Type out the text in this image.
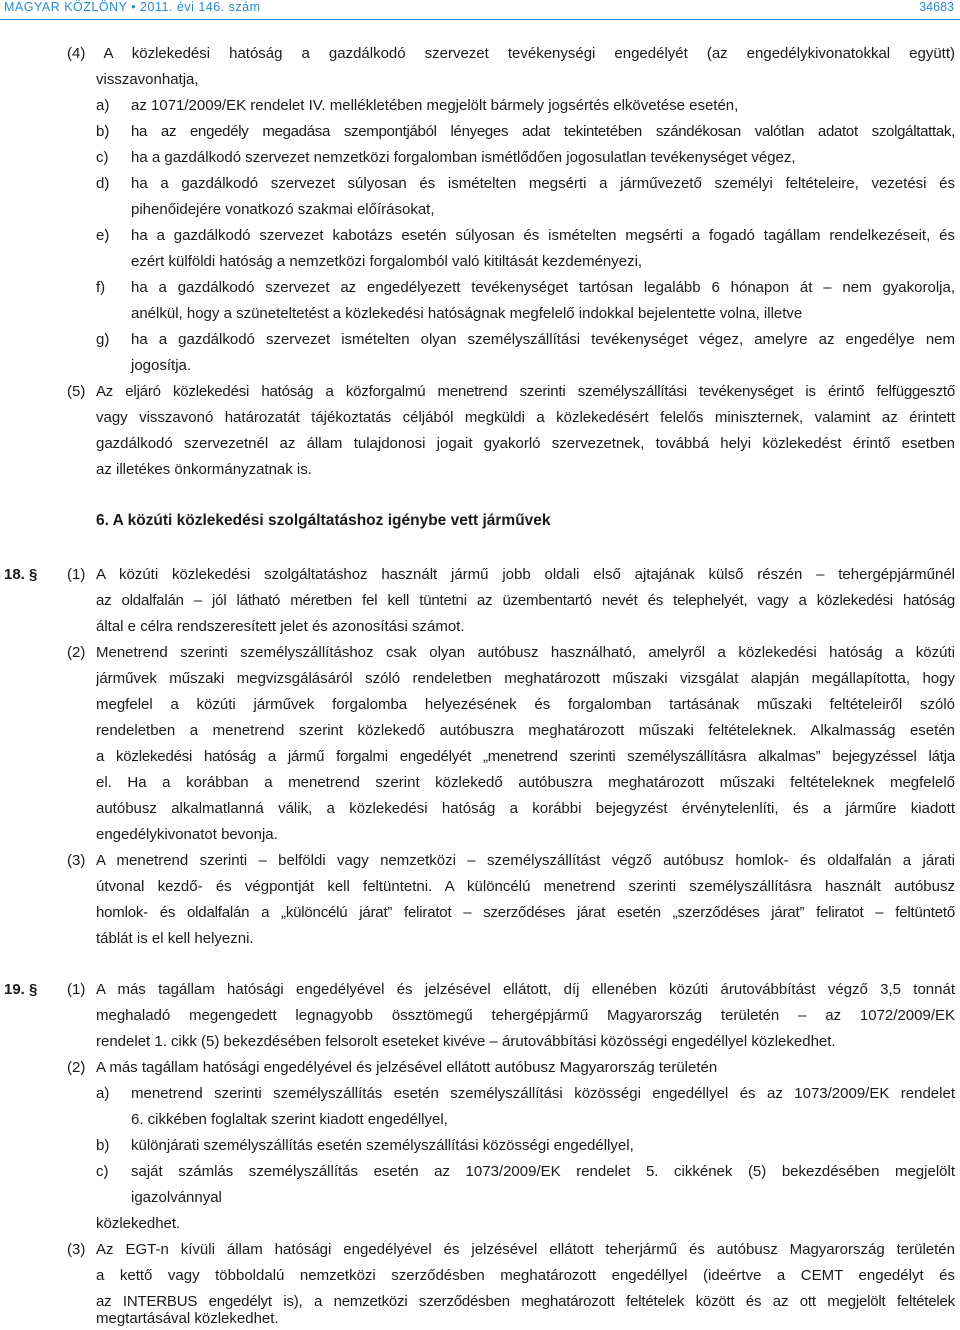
MAGYAR KÖZLÖNY • 2011. évi 146. szám	34683
(4) A közlekedési hatóság a gazdálkodó szervezet tevékenységi engedélyét (az engedélykivonatokkal együtt)
visszavonhatja,
a) az 1071/2009/EK rendelet IV. mellékletében megjelölt bármely jogsértés elkövetése esetén,
b) ha az engedély megadása szempontjából lényeges adat tekintetében szándékosan valótlan adatot szolgáltattak,
c) ha a gazdálkodó szervezet nemzetközi forgalomban ismétlődően jogosulatlan tevékenységet végez,
d) ha a gazdálkodó szervezet súlyosan és ismételten megsérti a járművezető személyi feltételeire, vezetési és
pihenőidejére vonatkozó szakmai előírásokat,
e) ha a gazdálkodó szervezet kabotázs esetén súlyosan és ismételten megsérti a fogadó tagállam rendelkezéseit, és
ezért külföldi hatóság a nemzetközi forgalomból való kitiltását kezdeményezi,
f) ha a gazdálkodó szervezet az engedélyezett tevékenységet tartósan legalább 6 hónapon át – nem gyakorolja,
anélkül, hogy a szüneteltetést a közlekedési hatóságnak megfelelő indokkal bejelentette volna, illetve
g) ha a gazdálkodó szervezet ismételten olyan személyszállítási tevékenységet végez, amelyre az engedélye nem
jogosítja.
(5) Az eljáró közlekedési hatóság a közforgalmú menetrend szerinti személyszállítási tevékenységet is érintő felfüggesztő
vagy visszavonó határozatát tájékoztatás céljából megküldi a közlekedésért felelős miniszternek, valamint az érintett
gazdálkodó szervezetnél az állam tulajdonosi jogait gyakorló szervezetnek, továbbá helyi közlekedést érintő esetben
az illetékes önkormányzatnak is.
6. A közúti közlekedési szolgáltatáshoz igénybe vett járművek
18. § (1) A közúti közlekedési szolgáltatáshoz használt jármű jobb oldali első ajtajának külső részén – tehergépjárműnél
az oldalfalán – jól látható méretben fel kell tüntetni az üzembentartó nevét és telephelyét, vagy a közlekedési hatóság
által e célra rendszeresített jelet és azonosítási számot.
(2) Menetrend szerinti személyszállításhoz csak olyan autóbusz használható, amelyről a közlekedési hatóság a közúti
járművek műszaki megvizsgálásáról szóló rendeletben meghatározott műszaki vizsgálat alapján megállapította, hogy
megfelel a közúti járművek forgalomba helyezésének és forgalomban tartásának műszaki feltételeiről szóló
rendeletben a menetrend szerint közlekedő autóbuszra meghatározott műszaki feltételeknek. Alkalmasság esetén
a közlekedési hatóság a jármű forgalmi engedélyét „menetrend szerinti személyszállításra alkalmas” bejegyzéssel látja
el. Ha a korábban a menetrend szerint közlekedő autóbuszra meghatározott műszaki feltételeknek megfelelő
autóbusz alkalmatlanná válik, a közlekedési hatóság a korábbi bejegyzést érvénytelenlíti, és a járműre kiadott
engedélykivonatot bevonja.
(3) A menetrend szerinti – belföldi vagy nemzetközi – személyszállítást végző autóbusz homlok- és oldalfalán a járati
útvonal kezdő- és végpontját kell feltüntetni. A különcélú menetrend szerinti személyszállításra használt autóbusz
homlok- és oldalfalán a „különcélú járat” feliratot – szerződéses járat esetén „szerződéses járat” feliratot – feltüntető
táblát is el kell helyezni.
19. § (1) A más tagállam hatósági engedélyével és jelzésével ellátott, díj ellenében közúti árutovábbítást végző 3,5 tonnát
meghaladó megengedett legnagyobb össztömegű tehergépjármű Magyarország területén – az 1072/2009/EK
rendelet 1. cikk (5) bekezdésében felsorolt eseteket kivéve – árutovábbítási közösségi engedéllyel közlekedhet.
(2) A más tagállam hatósági engedélyével és jelzésével ellátott autóbusz Magyarország területén
a) menetrend szerinti személyszállítás esetén személyszállítási közösségi engedéllyel és az 1073/2009/EK rendelet
6. cikkében foglaltak szerint kiadott engedéllyel,
b) különjárati személyszállítás esetén személyszállítási közösségi engedéllyel,
c) saját számlás személyszállítás esetén az 1073/2009/EK rendelet 5. cikkének (5) bekezdésében megjelölt
igazolvánnyal
közlekedhet.
(3) Az EGT-n kívüli állam hatósági engedélyével és jelzésével ellátott teherjármű és autóbusz Magyarország területén
a kettő vagy többoldalú nemzetközi szerződésben meghatározott engedéllyel (ideértve a CEMT engedélyt és
az INTERBUS engedélyt is), a nemzetközi szerződésben meghatározott feltételek között és az ott megjelölt feltételek
megtartásával közlekedhet.
